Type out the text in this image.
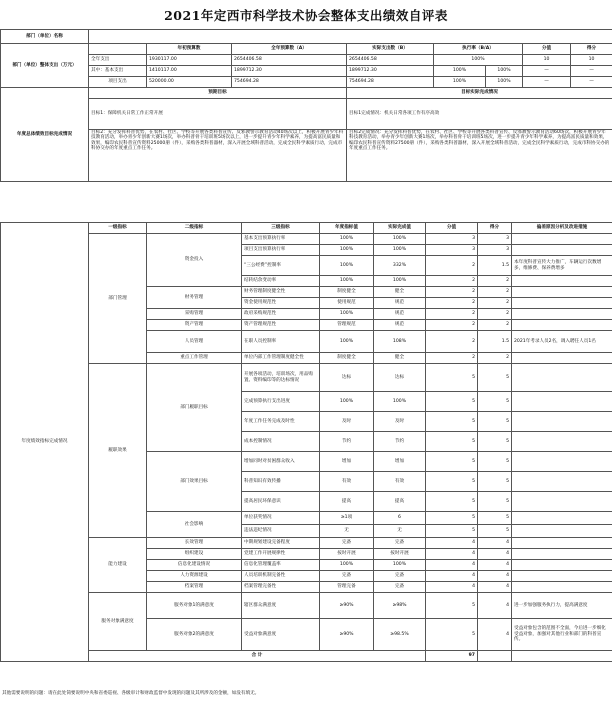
2021年定西市科学技术协会整体支出绩效自评表
部门（单位）名称								
部门（单位）整体支出（万元）		年初预算数	全年预算数（A）	实际支出数（B）	执行率（B/A）		分值	得分
	全年支出	1930117.00	2654406.58	2654406.58	100%		10	10
	其中：基本支出	1410117.00	1899712.30	1899712.30	100%	100%	—	—
	项目支出	520000.00	754694.28	754694.28	100%	100%	—	—
年度总体绩效目标完成情况	预期目标			目标实际完成情况				
	目标1：保障机关日常工作正常开展			目标1完成情况：机关日常各项工作有序高效				
	目标2：充分发挥科普优势，在农村、社区、学校等开展各类科普宣传、反邪教警示教育活动40场次以上，积极开展青少年科技教育活动，举办青少年创新大赛1场次，举办科普骨干培训班5场次以上，进一步提升青少年科学素养，为提高富民质量和效果，编印农民科普宣传资料25000册（件），采购各类科普器材，深入开展全域科普活动，完成全民科学素质行动，完成市科协交办的年度重点工作任务。			目标2完成情况：充分发挥科普优势，在农村、社区、学校等开展各类科普宣传、反邪教警示教育活动60场次，积极开展青少年科技教育活动，举办青少年创新大赛1场次，举办科普骨干培训班5场次，进一步提升青少年科学素养，为提高富民质量和效果，编印农民科普宣传资料27500册（件），采购各类科普器材，深入开展全域科普活动，完成全民科学素质行动，完成市科协交办的年度重点工作任务。				
年度绩效指标完成情况	一级指标	二级指标	三级指标	年度指标值	实际完成值	分值	得分	偏差原因分析及改进措施
	部门管理	资金投入	基本支出预算执行率	100%	100%	3	3	
			项目支出预算执行率	100%	100%	3	3	
			“三公经费”控制率	100%	332%	2	1.5	本年度科普宣传大力推广，车辆运行次数增多，维修费、保养费增多
			结转结余变动率	100%	100%	2	2	
		财务管理	财务管理制度健全性	制度健全	健全	2	2	
			资金使用规范性	使用规范	规范	2	2	
		采购管理	政府采购规范性	100%	规范	2	2	
		资产管理	资产管理规范性	管理规范	规范	2	2	
		人员管理	在职人员控制率	100%	108%	2	1.5	2021年考录人员2名，调入聘任人员1名
		重点工作管理	单位内部工作管理制度健全性	制度健全	健全	2	2	
	履职效果	部门履职目标	开展各项活动，培训场次，用品购置、资料编印等的达标情况	达标	达标	5	5	
			完成预算执行支出进度	100%	100%	5	5	
			年度工作任务完成及时性	及时	及时	5	5	
			成本控制情况	节约	节约	5	5	
		部门效果目标	增加同时对贫困群众收入	增加	增加	5	5	
			科普知识有效传播	有效	有效	5	5	
			提高居民环保意识	提高	提高	5	5	
		社会影响	单位获奖情况	≥1项	6	5	5	
			违法违纪情况	无	无	5	5	
	能力建设	长效管理	中期规划建设完备程度	完备	完备	4	4	
		组织建设	党建工作开展规律性	按时开展	按时开展	4	4	
		信息化建设情况	信息化管理覆盖率	100%	100%	4	4	
		人力资源建设	人员培训机制完备性	完备	完备	4	4	
		档案管理	档案管理完备性	管理完备	完备	4	4	
	服务对象满意度	服务对象1的满意度	辖区群众满意度	≥90%	≥98%	5	4	进一步加强服务执行力，提高满意度
		服务对象2的满意度	受益对象满意度	≥90%	≥98.5%	5	4	受益对象包含的范围不全面，今后进一步细化受益对象，加强对其他行业和部门的科普宣传。
	合 计					97		
其他需要说明的问题：请在此处简要说明中央和省委巡视、各级审计和财政监督中发现的问题及其所涉及的金额，如没有填无。
